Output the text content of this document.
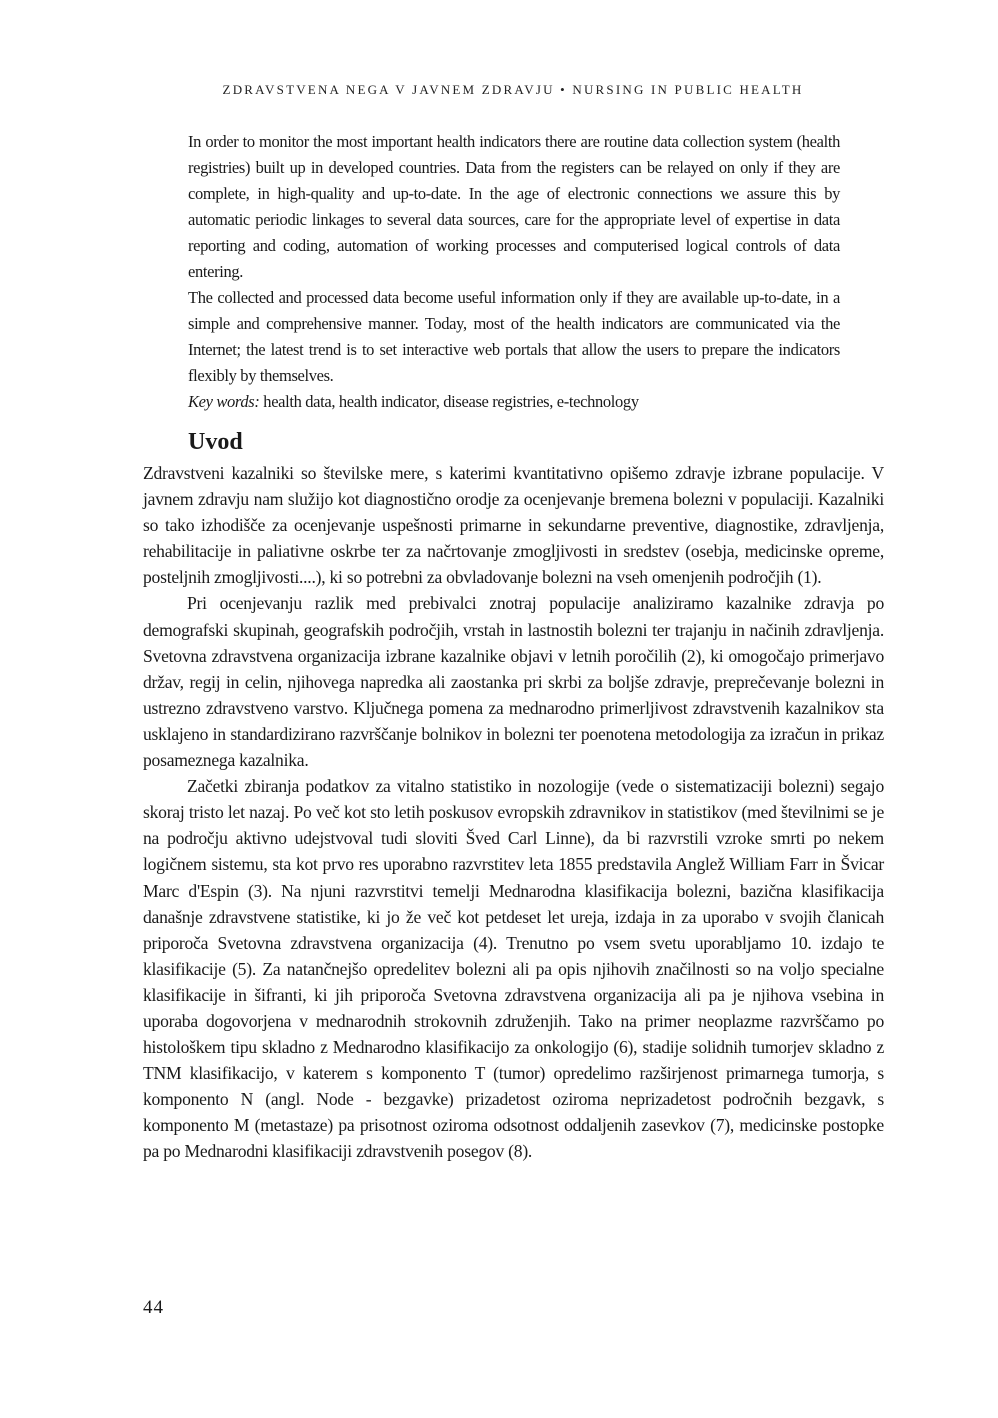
ZDRAVSTVENA NEGA V JAVNEM ZDRAVJU • NURSING IN PUBLIC HEALTH

In order to monitor the most important health indicators there are routine data collection system (health registries) built up in developed countries. Data from the registers can be relayed on only if they are complete, in high-quality and up-to-date. In the age of electronic connections we assure this by automatic periodic linkages to several data sources, care for the appropriate level of expertise in data reporting and coding, automation of working processes and computerised logical controls of data entering.

The collected and processed data become useful information only if they are available up-to-date, in a simple and comprehensive manner. Today, most of the health indicators are communicated via the Internet; the latest trend is to set interactive web portals that allow the users to prepare the indicators flexibly by themselves.

Key words: health data, health indicator, disease registries, e-technology

Uvod

Zdravstveni kazalniki so številske mere, s katerimi kvantitativno opišemo zdravje izbrane populacije. V javnem zdravju nam služijo kot diagnostično orodje za ocenjevanje bremena bolezni v populaciji. Kazalniki so tako izhodišče za ocenjevanje uspešnosti primarne in sekundarne preventive, diagnostike, zdravljenja, rehabilitacije in paliativne oskrbe ter za načrtovanje zmogljivosti in sredstev (osebja, medicinske opreme, posteljnih zmogljivosti....), ki so potrebni za obvladovanje bolezni na vseh omenjenih področjih (1).

Pri ocenjevanju razlik med prebivalci znotraj populacije analiziramo kazalnike zdravja po demografski skupinah, geografskih področjih, vrstah in lastnostih bolezni ter trajanju in načinih zdravljenja. Svetovna zdravstvena organizacija izbrane kazalnike objavi v letnih poročilih (2), ki omogočajo primerjavo držav, regij in celin, njihovega napredka ali zaostanka pri skrbi za boljše zdravje, preprečevanje bolezni in ustrezno zdravstveno varstvo. Ključnega pomena za mednarodno primerljivost zdravstvenih kazalnikov sta usklajeno in standardizirano razvrščanje bolnikov in bolezni ter poenotena metodologija za izračun in prikaz posameznega kazalnika.

Začetki zbiranja podatkov za vitalno statistiko in nozologije (vede o sistematizaciji bolezni) segajo skoraj tristo let nazaj. Po več kot sto letih poskusov evropskih zdravnikov in statistikov (med številnimi se je na področju aktivno udejstvoval tudi sloviti Šved Carl Linne), da bi razvrstili vzroke smrti po nekem logičnem sistemu, sta kot prvo res uporabno razvrstitev leta 1855 predstavila Anglež William Farr in Švicar Marc d'Espin (3). Na njuni razvrstitvi temelji Mednarodna klasifikacija bolezni, bazična klasifikacija današnje zdravstvene statistike, ki jo že več kot petdeset let ureja, izdaja in za uporabo v svojih članicah priporoča Svetovna zdravstvena organizacija (4). Trenutno po vsem svetu uporabljamo 10. izdajo te klasifikacije (5). Za natančnejšo opredelitev bolezni ali pa opis njihovih značilnosti so na voljo specialne klasifikacije in šifranti, ki jih priporoča Svetovna zdravstvena organizacija ali pa je njihova vsebina in uporaba dogovorjena v mednarodnih strokovnih združenjih. Tako na primer neoplazme razvrščamo po histološkem tipu skladno z Mednarodno klasifikacijo za onkologijo (6), stadije solidnih tumorjev skladno z TNM klasifikacijo, v katerem s komponento T (tumor) opredelimo razširjenost primarnega tumorja, s komponento N (angl. Node - bezgavke) prizadetost oziroma neprizadetost področnih bezgavk, s komponento M (metastaze) pa prisotnost oziroma odsotnost oddaljenih zasevkov (7), medicinske postopke pa po Mednarodni klasifikaciji zdravstvenih posegov (8).

44
